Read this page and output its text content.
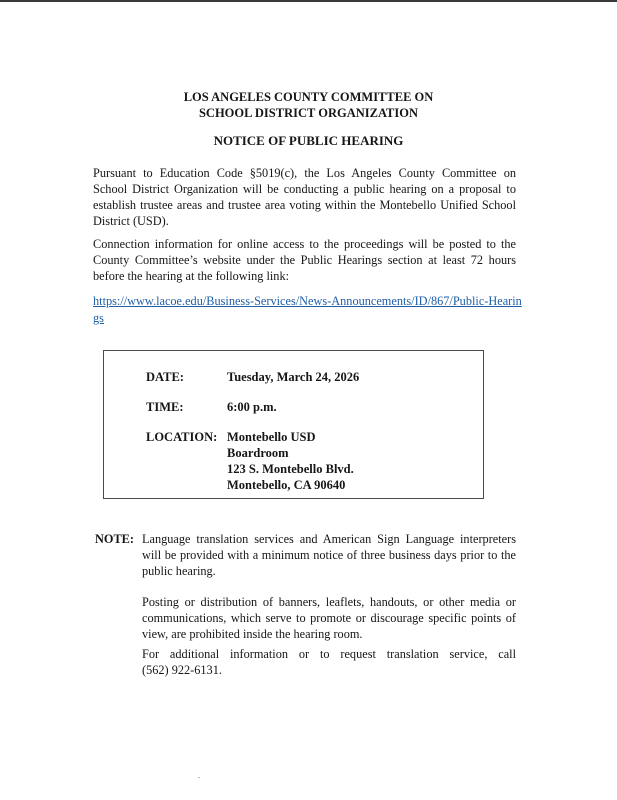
LOS ANGELES COUNTY COMMITTEE ON
SCHOOL DISTRICT ORGANIZATION
NOTICE OF PUBLIC HEARING
Pursuant to Education Code §5019(c), the Los Angeles County Committee on
School District Organization will be conducting a public hearing on a proposal to
establish trustee areas and trustee area voting within the Montebello Unified School
District (USD).
Connection information for online access to the proceedings will be posted to the
County Committee’s website under the Public Hearings section at least 72 hours
before the hearing at the following link:
https://www.lacoe.edu/Business-Services/News-Announcements/ID/867/Public-Hearings
DATE:	Tuesday, March 24, 2026
TIME:	6:00 p.m.
LOCATION: Montebello USD
Boardroom
123 S. Montebello Blvd.
Montebello, CA 90640
NOTE: Language translation services and American Sign Language interpreters
will be provided with a minimum notice of three business days prior to the
public hearing.
Posting or distribution of banners, leaflets, handouts, or other media or
communications, which serve to promote or discourage specific points of
view, are prohibited inside the hearing room.
For additional information or to request translation service, call
(562) 922-6131.
